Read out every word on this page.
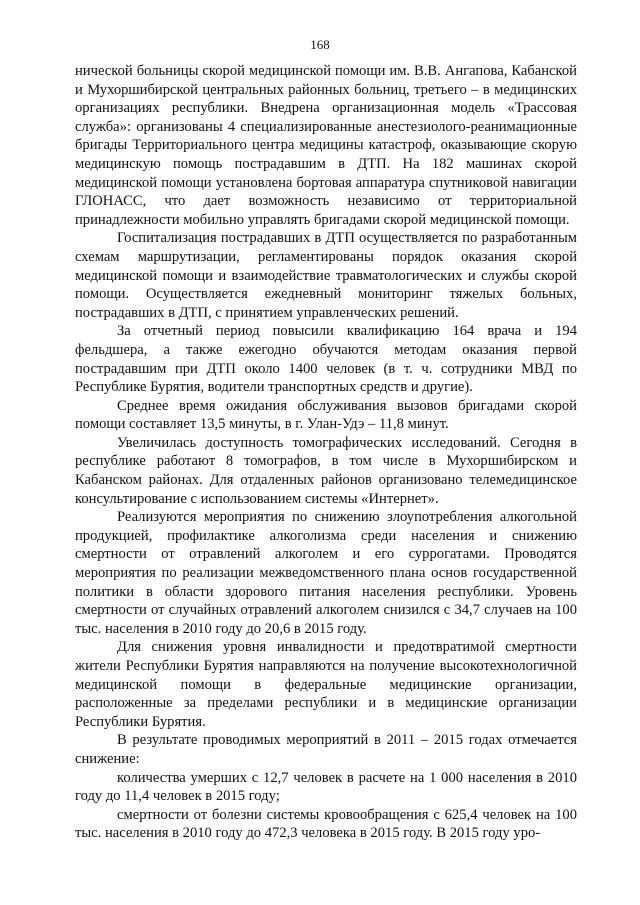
168

нической больницы скорой медицинской помощи им. В.В. Ангапова, Кабанской и Мухоршибирской центральных районных больниц, третьего – в медицинских организациях республики. Внедрена организационная модель «Трассовая служба»: организованы 4 специализированные анестезиолого-реанимационные бригады Территориального центра медицины катастроф, оказывающие скорую медицинскую помощь пострадавшим в ДТП. На 182 машинах скорой медицинской помощи установлена бортовая аппаратура спутниковой навигации ГЛОНАСС, что дает возможность независимо от территориальной принадлежности мобильно управлять бригадами скорой медицинской помощи.

Госпитализация пострадавших в ДТП осуществляется по разработанным схемам маршрутизации, регламентированы порядок оказания скорой медицинской помощи и взаимодействие травматологических и службы скорой помощи. Осуществляется ежедневный мониторинг тяжелых больных, пострадавших в ДТП, с принятием управленческих решений.

За отчетный период повысили квалификацию 164 врача и 194 фельдшера, а также ежегодно обучаются методам оказания первой пострадавшим при ДТП около 1400 человек (в т. ч. сотрудники МВД по Республике Бурятия, водители транспортных средств и другие).

Среднее время ожидания обслуживания вызовов бригадами скорой помощи составляет 13,5 минуты, в г. Улан-Удэ – 11,8 минут.

Увеличилась доступность томографических исследований. Сегодня в республике работают 8 томографов, в том числе в Мухоршибирском и Кабанском районах. Для отдаленных районов организовано телемедицинское консультирование с использованием системы «Интернет».

Реализуются мероприятия по снижению злоупотребления алкогольной продукцией, профилактике алкоголизма среди населения и снижению смертности от отравлений алкоголем и его суррогатами. Проводятся мероприятия по реализации межведомственного плана основ государственной политики в области здорового питания населения республики. Уровень смертности от случайных отравлений алкоголем снизился с 34,7 случаев на 100 тыс. населения в 2010 году до 20,6 в 2015 году.

Для снижения уровня инвалидности и предотвратимой смертности жители Республики Бурятия направляются на получение высокотехнологичной медицинской помощи в федеральные медицинские организации, расположенные за пределами республики и в медицинские организации Республики Бурятия.

В результате проводимых мероприятий в 2011 – 2015 годах отмечается снижение:

количества умерших с 12,7 человек в расчете на 1 000 населения в 2010 году до 11,4 человек в 2015 году;

смертности от болезни системы кровообращения с 625,4 человек на 100 тыс. населения в 2010 году до 472,3 человека в 2015 году. В 2015 году уро-
